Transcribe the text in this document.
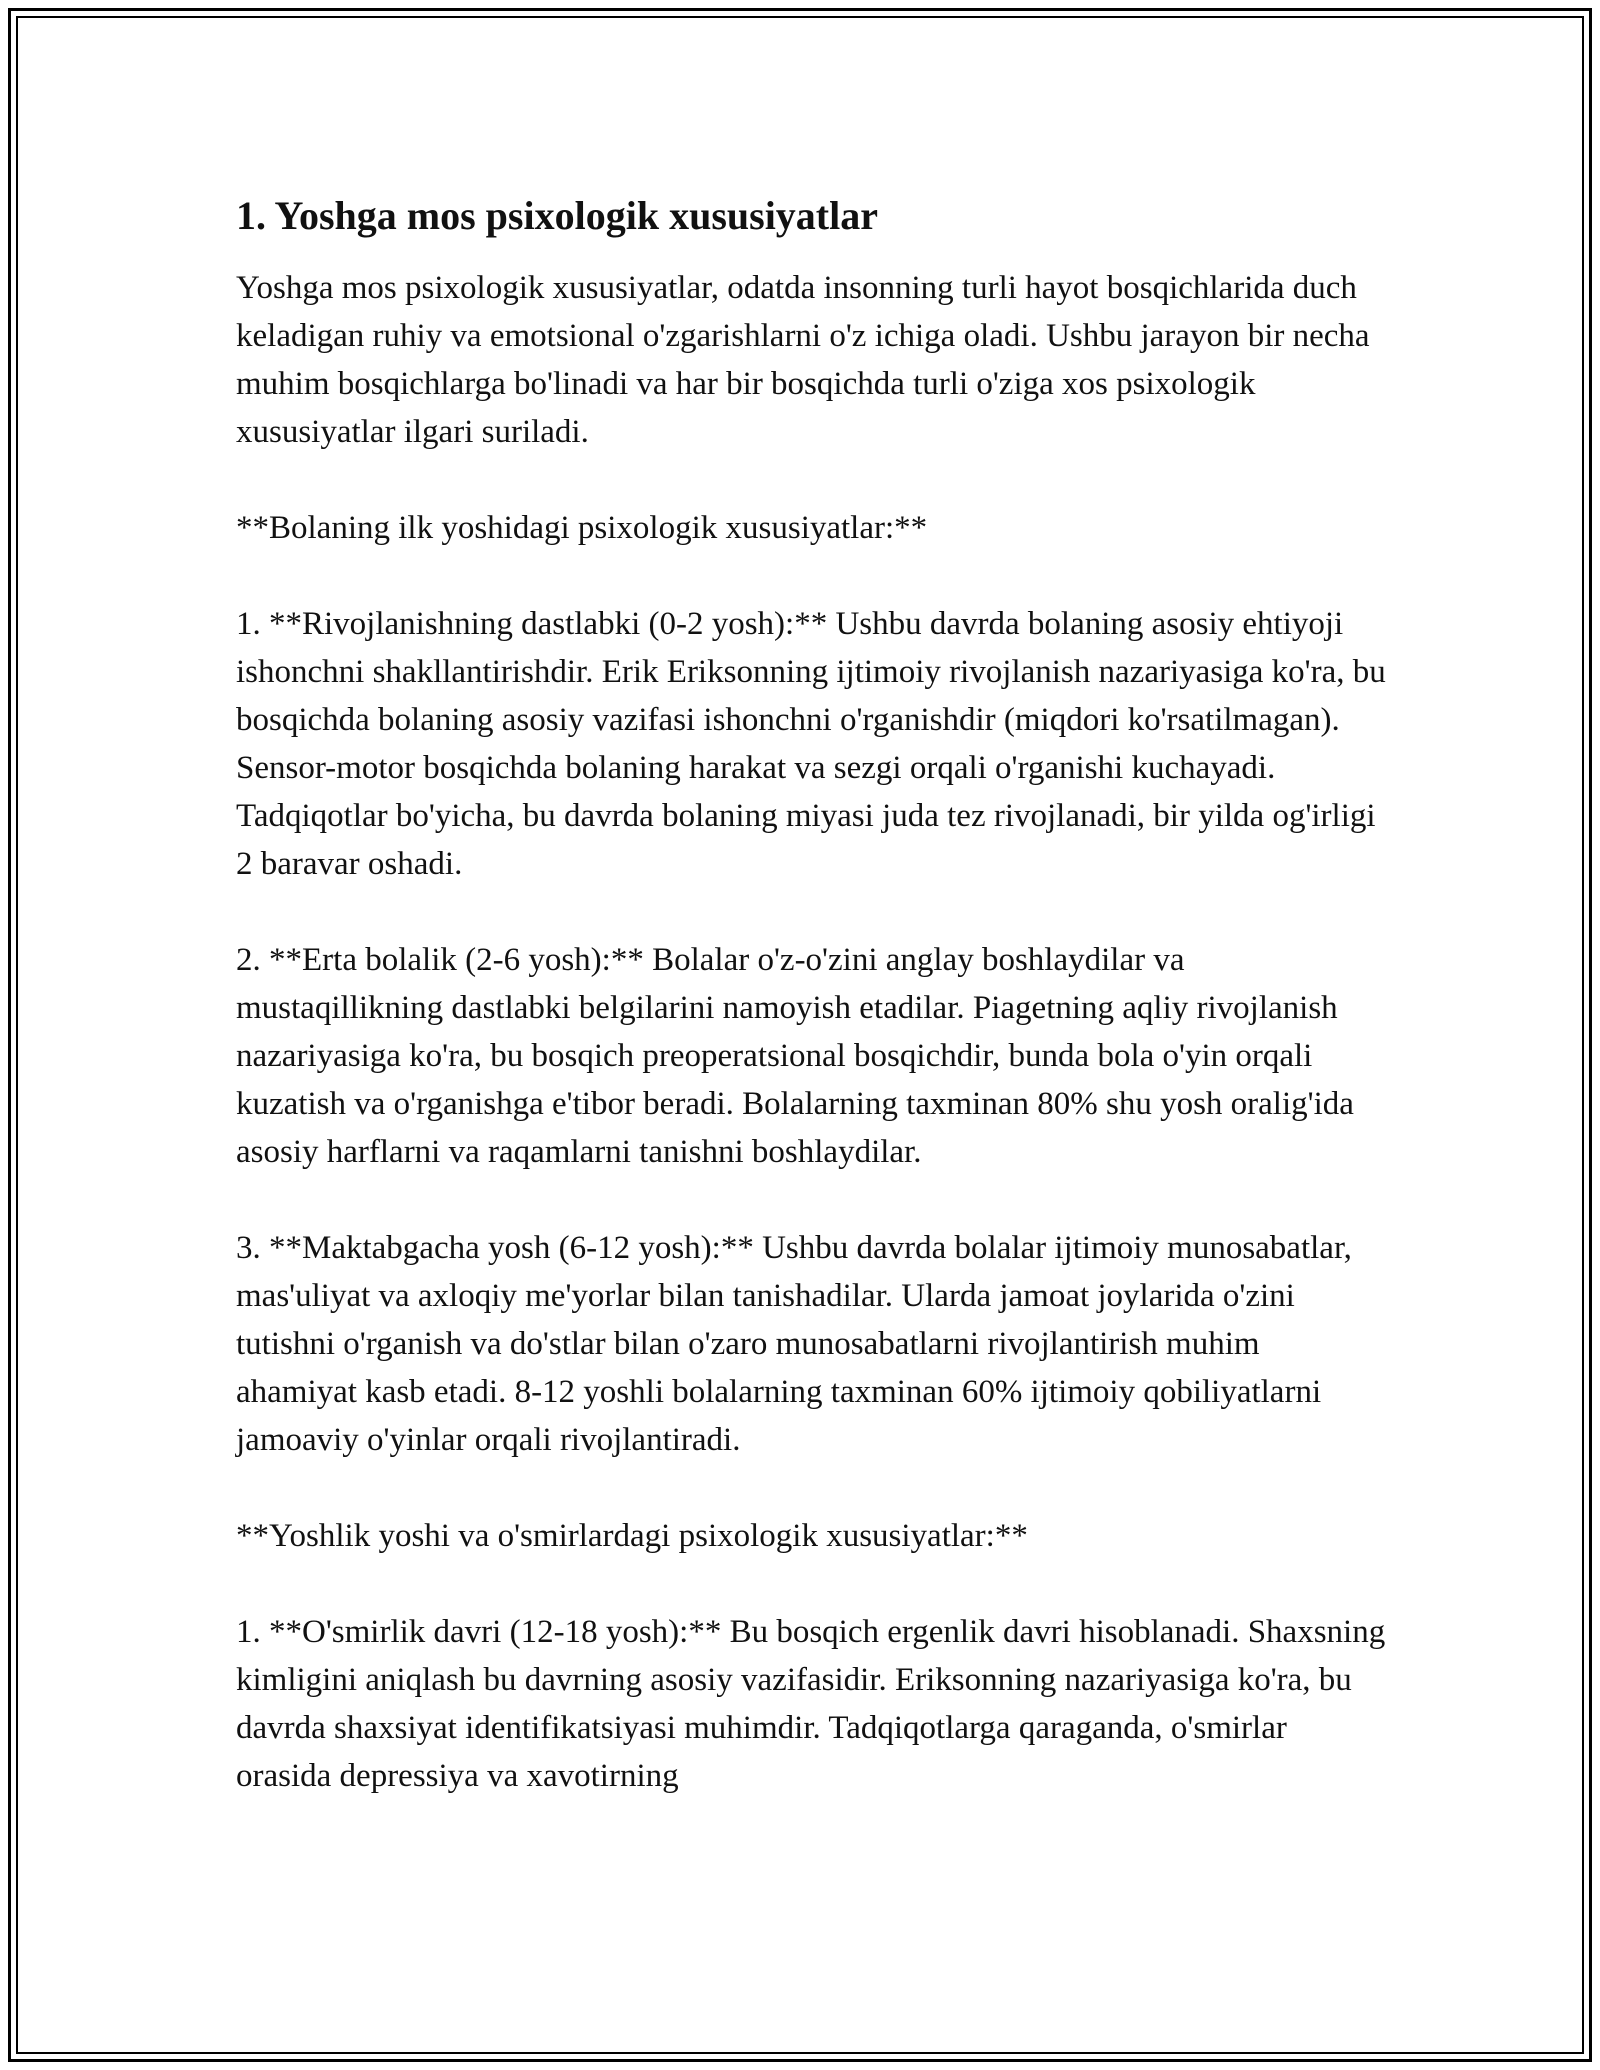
1. Yoshga mos psixologik xususiyatlar

Yoshga mos psixologik xususiyatlar, odatda insonning turli hayot bosqichlarida duch keladigan ruhiy va emotsional o'zgarishlarni o'z ichiga oladi. Ushbu jarayon bir necha muhim bosqichlarga bo'linadi va har bir bosqichda turli o'ziga xos psixologik xususiyatlar ilgari suriladi.

**Bolaning ilk yoshidagi psixologik xususiyatlar:**

1. **Rivojlanishning dastlabki (0-2 yosh):** Ushbu davrda bolaning asosiy ehtiyoji ishonchni shakllantirishdir. Erik Eriksonning ijtimoiy rivojlanish nazariyasiga ko'ra, bu bosqichda bolaning asosiy vazifasi ishonchni o'rganishdir (miqdori ko'rsatilmagan). Sensor-motor bosqichda bolaning harakat va sezgi orqali o'rganishi kuchayadi. Tadqiqotlar bo'yicha, bu davrda bolaning miyasi juda tez rivojlanadi, bir yilda og'irligi 2 baravar oshadi.

2. **Erta bolalik (2-6 yosh):** Bolalar o'z-o'zini anglay boshlaydilar va mustaqillikning dastlabki belgilarini namoyish etadilar. Piagetning aqliy rivojlanish nazariyasiga ko'ra, bu bosqich preoperatsional bosqichdir, bunda bola o'yin orqali kuzatish va o'rganishga e'tibor beradi. Bolalarning taxminan 80% shu yosh oralig'ida asosiy harflarni va raqamlarni tanishni boshlaydilar.

3. **Maktabgacha yosh (6-12 yosh):** Ushbu davrda bolalar ijtimoiy munosabatlar, mas'uliyat va axloqiy me'yorlar bilan tanishadilar. Ularda jamoat joylarida o'zini tutishni o'rganish va do'stlar bilan o'zaro munosabatlarni rivojlantirish muhim ahamiyat kasb etadi. 8-12 yoshli bolalarning taxminan 60% ijtimoiy qobiliyatlarni jamoaviy o'yinlar orqali rivojlantiradi.

**Yoshlik yoshi va o'smirlardagi psixologik xususiyatlar:**

1. **O'smirlik davri (12-18 yosh):** Bu bosqich ergenlik davri hisoblanadi. Shaxsning kimligini aniqlash bu davrning asosiy vazifasidir. Eriksonning nazariyasiga ko'ra, bu davrda shaxsiyat identifikatsiyasi muhimdir. Tadqiqotlarga qaraganda, o'smirlar orasida depressiya va xavotirning
